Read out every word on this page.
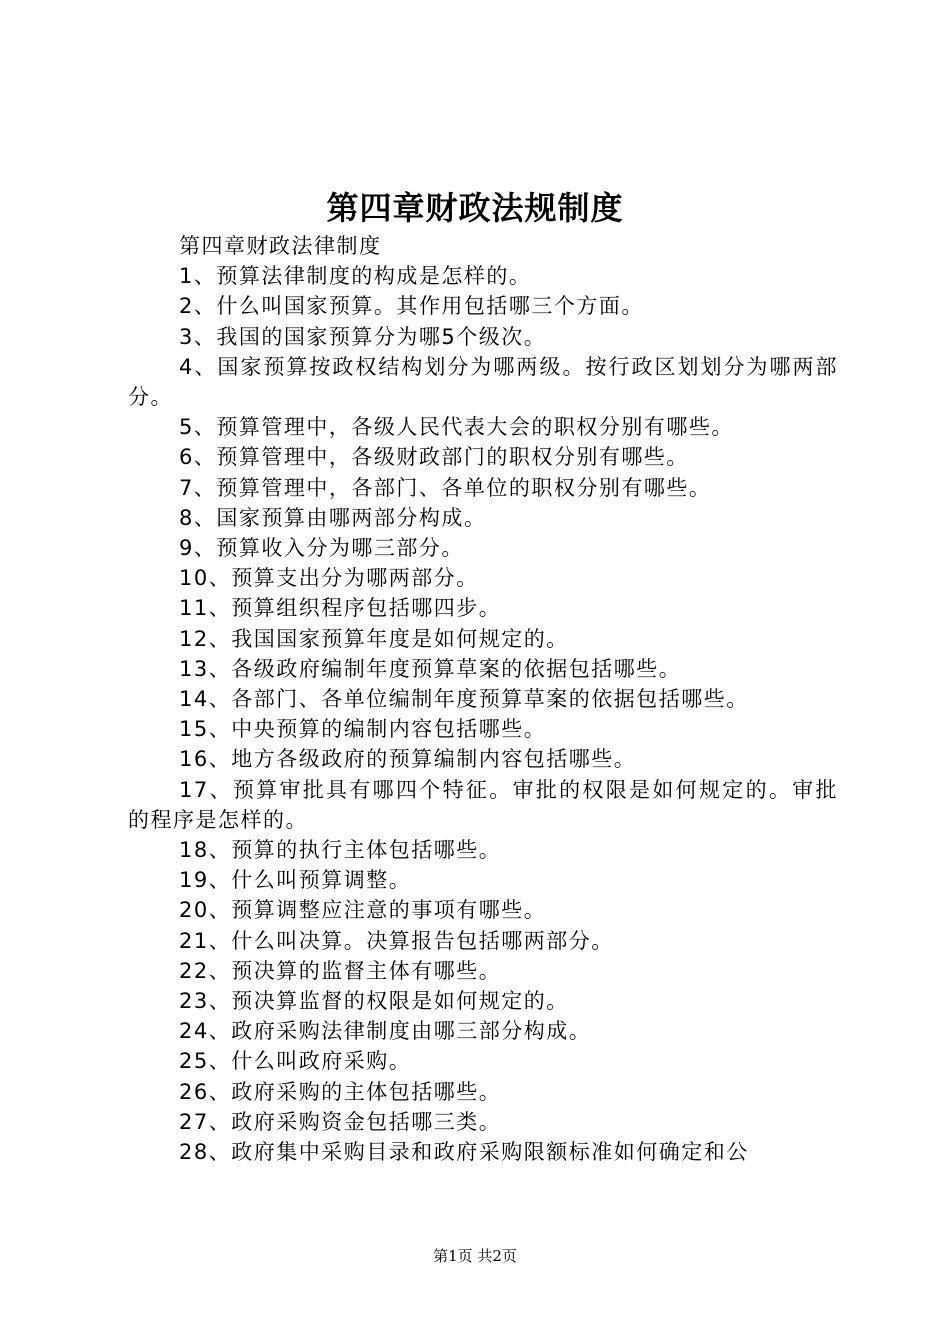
第四章财政法规制度

第四章财政法律制度

1、预算法律制度的构成是怎样的。

2、什么叫国家预算。其作用包括哪三个方面。

3、我国的国家预算分为哪5个级次。

4、国家预算按政权结构划分为哪两级。按行政区划划分为哪两部分。

5、预算管理中，各级人民代表大会的职权分别有哪些。

6、预算管理中，各级财政部门的职权分别有哪些。

7、预算管理中，各部门、各单位的职权分别有哪些。

8、国家预算由哪两部分构成。

9、预算收入分为哪三部分。

10、预算支出分为哪两部分。

11、预算组织程序包括哪四步。

12、我国国家预算年度是如何规定的。

13、各级政府编制年度预算草案的依据包括哪些。

14、各部门、各单位编制年度预算草案的依据包括哪些。

15、中央预算的编制内容包括哪些。

16、地方各级政府的预算编制内容包括哪些。

17、预算审批具有哪四个特征。审批的权限是如何规定的。审批的程序是怎样的。

18、预算的执行主体包括哪些。

19、什么叫预算调整。

20、预算调整应注意的事项有哪些。

21、什么叫决算。决算报告包括哪两部分。

22、预决算的监督主体有哪些。

23、预决算监督的权限是如何规定的。

24、政府采购法律制度由哪三部分构成。

25、什么叫政府采购。

26、政府采购的主体包括哪些。

27、政府采购资金包括哪三类。

28、政府集中采购目录和政府采购限额标准如何确定和公

第1页 共2页
